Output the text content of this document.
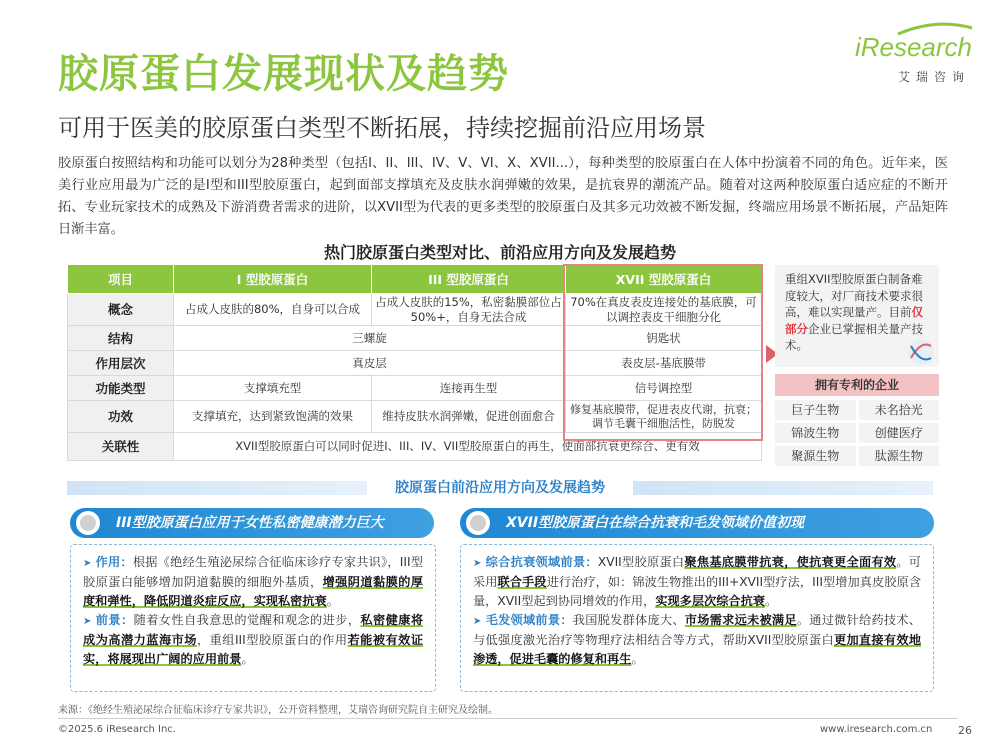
胶原蛋白发展现状及趋势
iResearch
艾瑞咨询
可用于医美的胶原蛋白类型不断拓展，持续挖掘前沿应用场景
胶原蛋白按照结构和功能可以划分为28种类型（包括I、II、III、IV、V、VI、X、XVII...），每种类型的胶原蛋白在人体中扮演着不同的角色。近年来，医美行业应用最为广泛的是I型和III型胶原蛋白，起到面部支撑填充及皮肤水润弹嫩的效果，是抗衰界的潮流产品。随着对这两种胶原蛋白适应症的不断开拓、专业玩家技术的成熟及下游消费者需求的进阶，以XVII型为代表的更多类型的胶原蛋白及其多元功效被不断发掘，终端应用场景不断拓展，产品矩阵日渐丰富。
热门胶原蛋白类型对比、前沿应用方向及发展趋势
项目	I 型胶原蛋白	III 型胶原蛋白	XVII 型胶原蛋白
概念	占成人皮肤的80%，自身可以合成	占成人皮肤的15%，私密黏膜部位占50%+，自身无法合成	70%在真皮表皮连接处的基底膜，可以调控表皮干细胞分化
结构	三螺旋		钥匙状
作用层次	真皮层		表皮层-基底膜带
功能类型	支撑填充型	连接再生型	信号调控型
功效	支撑填充，达到紧致饱满的效果	维持皮肤水润弹嫩，促进创面愈合	修复基底膜带，促进表皮代谢，抗衰；调节毛囊干细胞活性，防脱发
关联性	XVII型胶原蛋白可以同时促进I、III、IV、VII型胶原蛋白的再生，使面部抗衰更综合、更有效		
重组XVII型胶原蛋白制备难度较大，对厂商技术要求很高，难以实现量产。目前仅部分企业已掌握相关量产技术。
拥有专利的企业
巨子生物	未名拾光
锦波生物	创健医疗
聚源生物	肽源生物
胶原蛋白前沿应用方向及发展趋势
III型胶原蛋白应用于女性私密健康潜力巨大	XVII型胶原蛋白在综合抗衰和毛发领域价值初现

➤ 作用：根据《绝经生殖泌尿综合征临床诊疗专家共识》，III型胶原蛋白能够增加阴道黏膜的细胞外基质，增强阴道黏膜的厚度和弹性，降低阴道炎症反应，实现私密抗衰。

➤ 前景：随着女性自我意思的觉醒和观念的进步，私密健康将成为高潜力蓝海市场，重组III型胶原蛋白的作用若能被有效证实，将展现出广阔的应用前景。

➤ 综合抗衰领域前景：XVII型胶原蛋白聚焦基底膜带抗衰，使抗衰更全面有效。可采用联合手段进行治疗，如：锦波生物推出的III+XVII型疗法，III型增加真皮胶原含量，XVII型起到协同增效的作用，实现多层次综合抗衰。

➤ 毛发领域前景：我国脱发群体庞大、市场需求远未被满足。通过微针给药技术、与低强度激光治疗等物理疗法相结合等方式，帮助XVII型胶原蛋白更加直接有效地渗透，促进毛囊的修复和再生。

来源：《绝经生殖泌尿综合征临床诊疗专家共识》，公开资料整理，艾瑞咨询研究院自主研究及绘制。
©2025.6 iResearch Inc.	www.iresearch.com.cn 26
